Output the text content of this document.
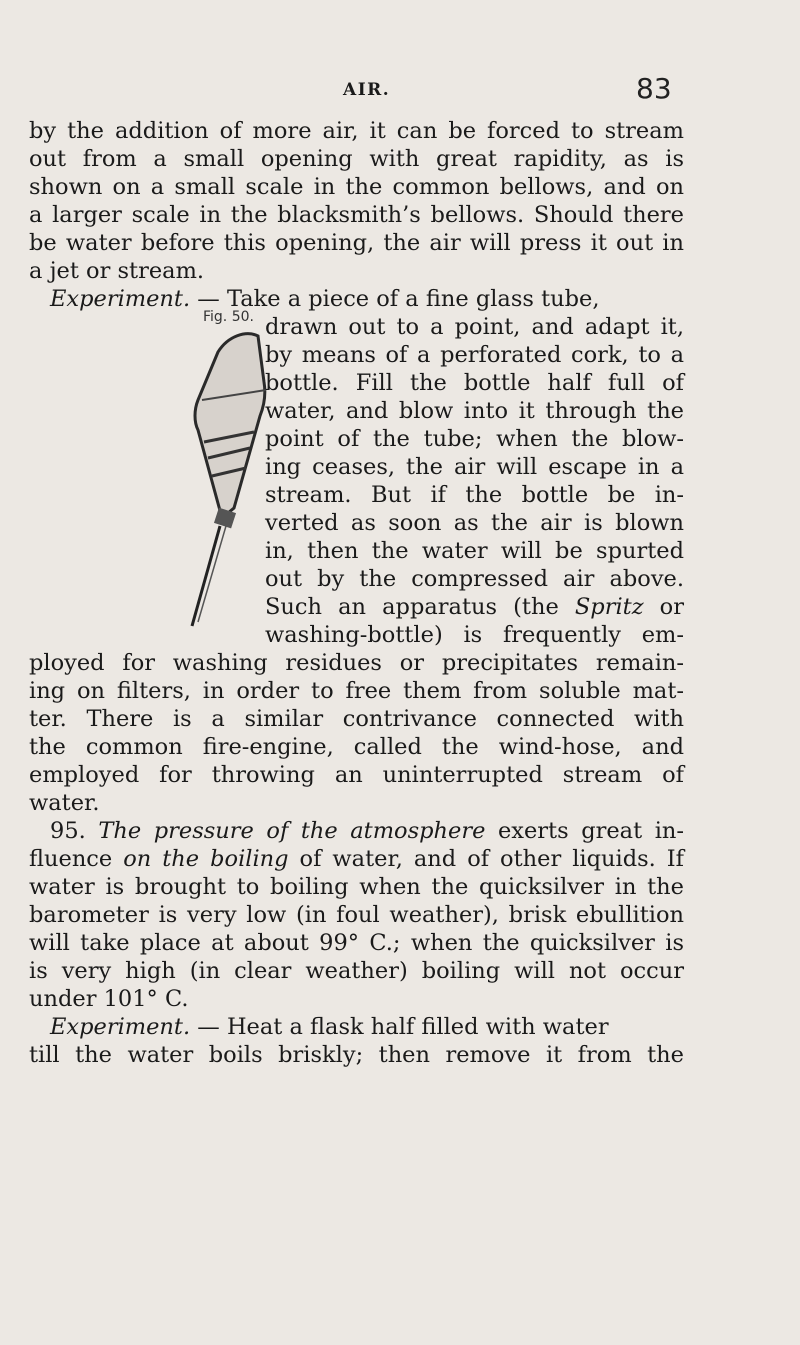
AIR.	83
by the addition of more air, it can be forced to stream
out from a small opening with great rapidity, as is
shown on a small scale in the common bellows, and on
a larger scale in the blacksmith’s bellows. Should there
be water before this opening, the air will press it out in
a jet or stream.
Experiment. — Take a piece of a fine glass tube,
Fig. 50. drawn out to a point, and adapt it,
by means of a perforated cork, to a
bottle. Fill the bottle half full of
water, and blow into it through the
point of the tube; when the blow-
ing ceases, the air will escape in a
stream. But if the bottle be in-
verted as soon as the air is blown
in, then the water will be spurted
out by the compressed air above.
Such an apparatus (the Spritz or
washing-bottle) is frequently em-
ployed for washing residues or precipitates remain-
ing on filters, in order to free them from soluble mat-
ter. There is a similar contrivance connected with
the common fire-engine, called the wind-hose, and
employed for throwing an uninterrupted stream of
water.
95. The pressure of the atmosphere exerts great in-
fluence on the boiling of water, and of other liquids. If
water is brought to boiling when the quicksilver in the
barometer is very low (in foul weather), brisk ebullition
will take place at about 99° C.; when the quicksilver is
is very high (in clear weather) boiling will not occur
under 101° C.
Experiment. — Heat a flask half filled with water
till the water boils briskly; then remove it from the
